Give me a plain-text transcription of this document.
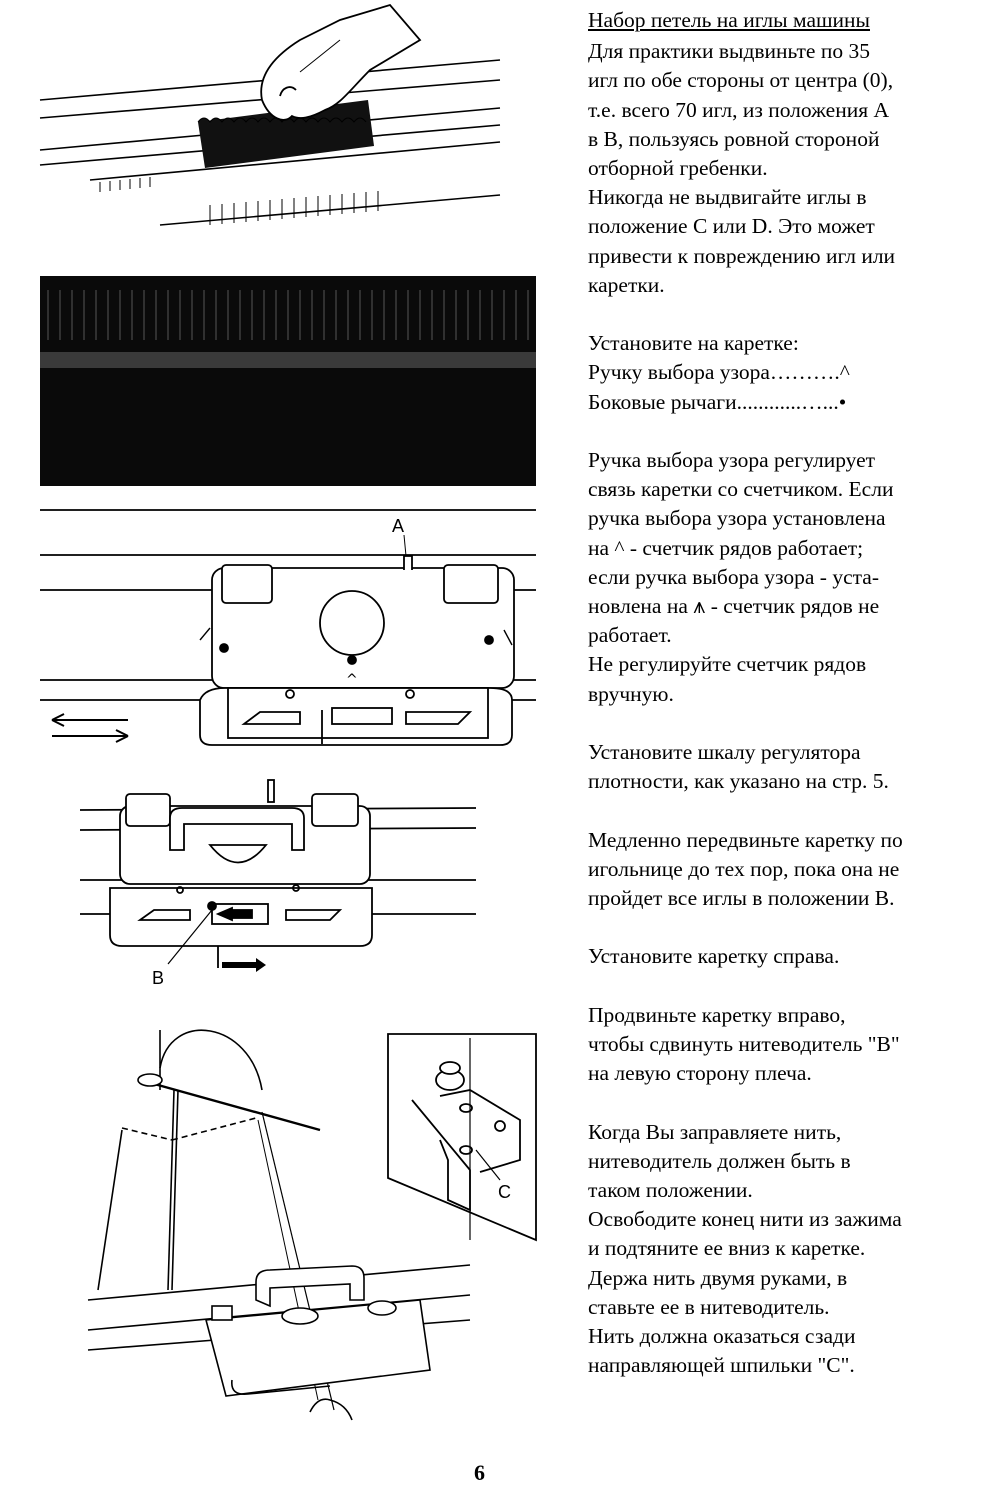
A
^
B
C

Набор петель на иглы машины

Для практики выдвиньте по 35
игл по обе стороны от центра (0),
т.е. всего 70 игл, из положения А
в В, пользуясь ровной стороной
отборной гребенки.
Никогда не выдвигайте иглы в
положение С или D. Это может
привести к повреждению игл или
каретки.

Установите на каретке:
Ручку выбора узора……….^
Боковые рычаги............…...•

Ручка выбора узора регулирует
связь каретки со счетчиком. Если
ручка выбора узора установлена
на ^ - счетчик рядов работает;
если ручка выбора узора - уста-
новлена на ⩚ - счетчик рядов не
работает.
Не регулируйте счетчик рядов
вручную.

Установите шкалу регулятора
плотности, как указано на стр. 5.

Медленно передвиньте каретку по
игольнице до тех пор, пока она не
пройдет все иглы в положении В.

Установите каретку справа.

Продвиньте каретку вправо,
чтобы сдвинуть нитеводитель "В"
на левую сторону плеча.

Когда Вы заправляете нить,
нитеводитель должен быть в
таком положении.
Освободите конец нити из зажима
и подтяните ее вниз к каретке.
Держа нить двумя руками, в
ставьте ее в нитеводитель.
Нить должна оказаться сзади
направляющей шпильки "С".

6
